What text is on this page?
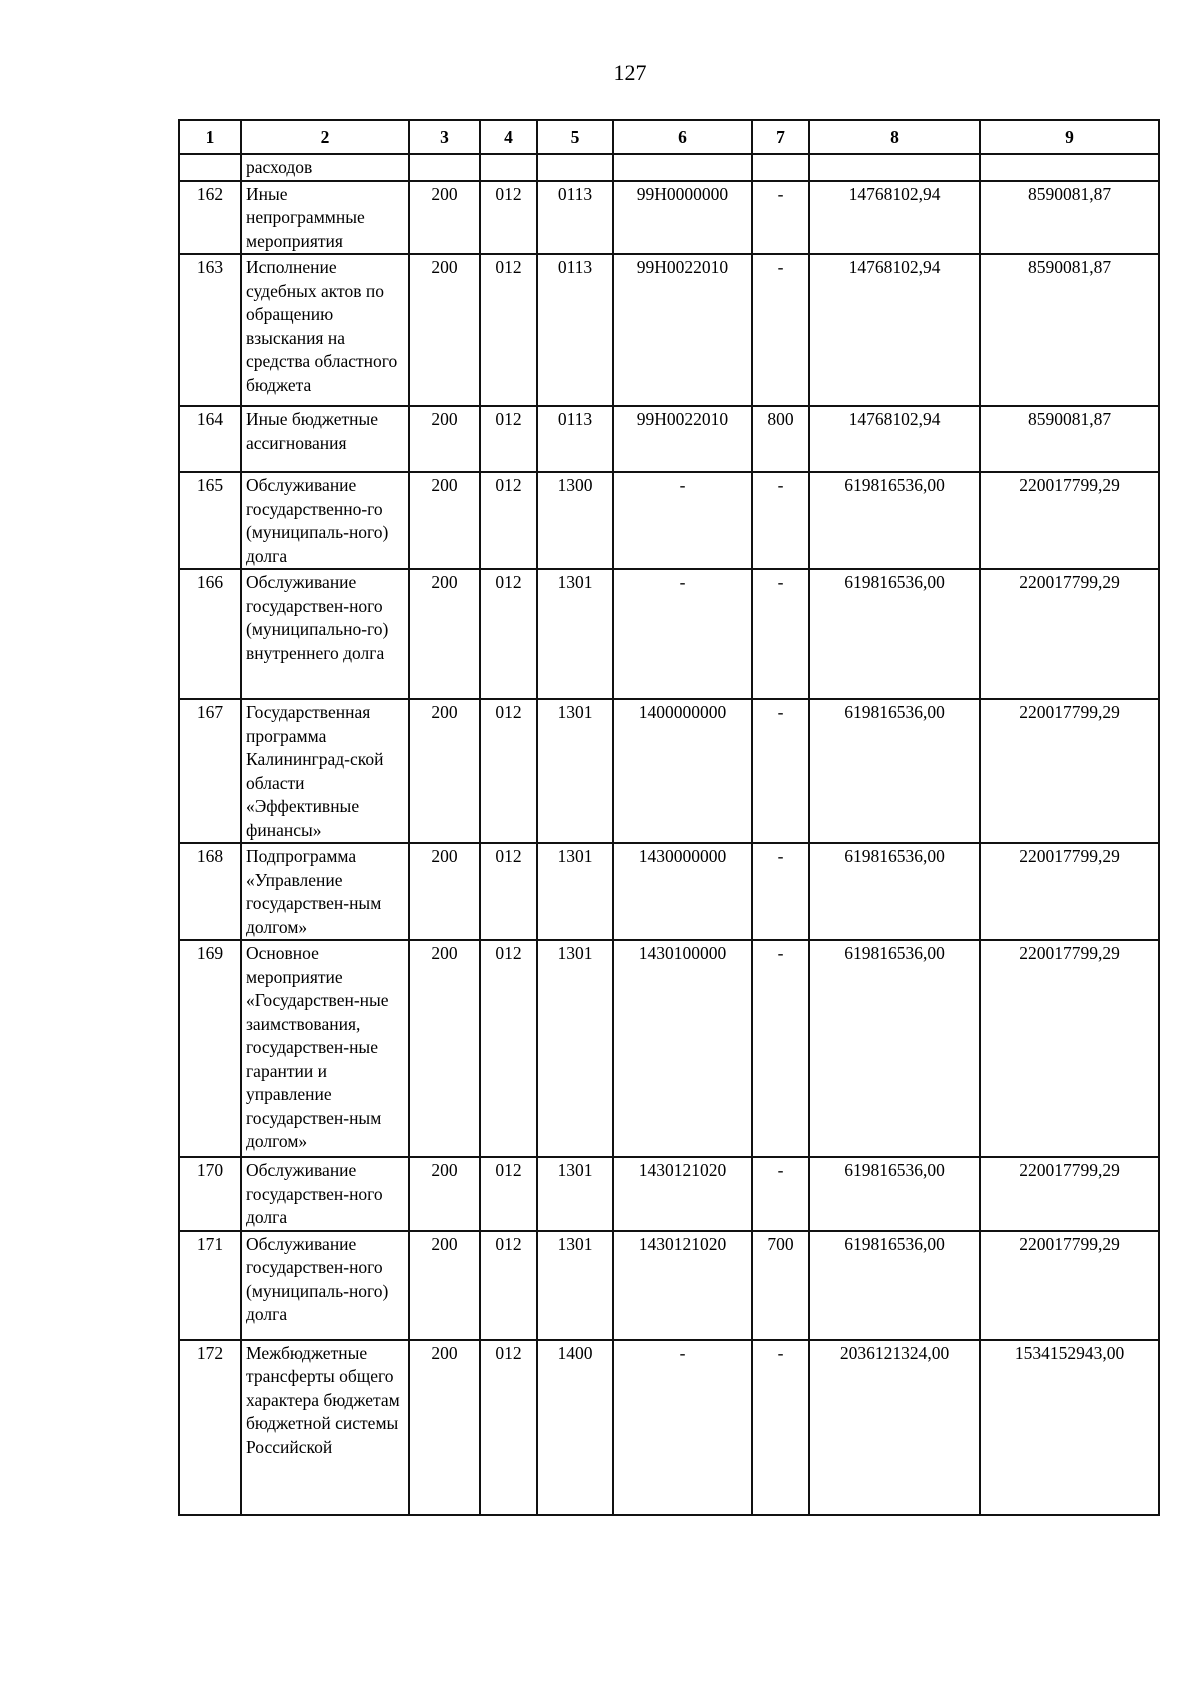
127
1	2	3	4	5	6	7	8	9
	расходов							
162	Иные непрограммные мероприятия	200	012	0113	99Н0000000	-	14768102,94	8590081,87
163	Исполнение судебных актов по обращению взыскания на средства областного бюджета	200	012	0113	99Н0022010	-	14768102,94	8590081,87
164	Иные бюджетные ассигнования	200	012	0113	99Н0022010	800	14768102,94	8590081,87
165	Обслуживание государственно-го (муниципаль-ного) долга	200	012	1300	-	-	619816536,00	220017799,29
166	Обслуживание государствен-ного (муниципально-го) внутреннего долга	200	012	1301	-	-	619816536,00	220017799,29
167	Государственная программа Калининград-ской области «Эффективные финансы»	200	012	1301	1400000000	-	619816536,00	220017799,29
168	Подпрограмма «Управление государствен-ным долгом»	200	012	1301	1430000000	-	619816536,00	220017799,29
169	Основное мероприятие «Государствен-ные заимствования, государствен-ные гарантии и управление государствен-ным долгом»	200	012	1301	1430100000	-	619816536,00	220017799,29
170	Обслуживание государствен-ного долга	200	012	1301	1430121020	-	619816536,00	220017799,29
171	Обслуживание государствен-ного (муниципаль-ного) долга	200	012	1301	1430121020	700	619816536,00	220017799,29
172	Межбюджетные трансферты общего характера бюджетам бюджетной системы Российской	200	012	1400	-	-	2036121324,00	1534152943,00
